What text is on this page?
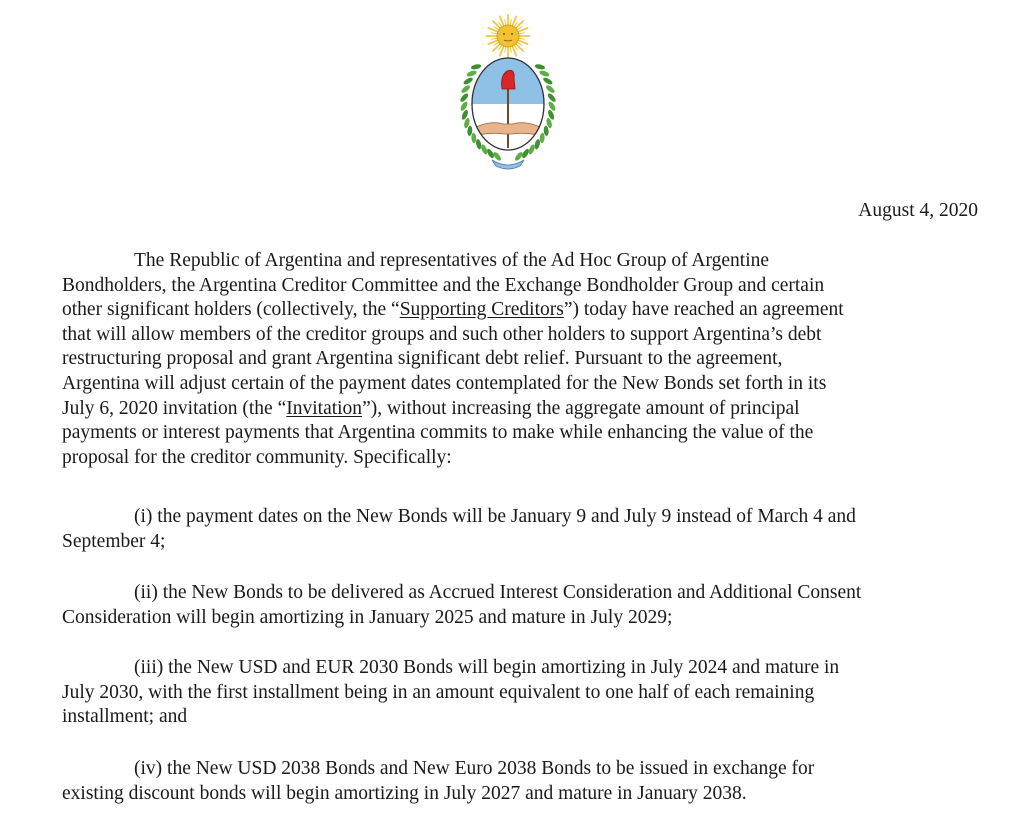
August 4, 2020
The Republic of Argentina and representatives of the Ad Hoc Group of Argentine
Bondholders, the Argentina Creditor Committee and the Exchange Bondholder Group and certain
other significant holders (collectively, the “Supporting Creditors”) today have reached an agreement
that will allow members of the creditor groups and such other holders to support Argentina’s debt
restructuring proposal and grant Argentina significant debt relief. Pursuant to the agreement,
Argentina will adjust certain of the payment dates contemplated for the New Bonds set forth in its
July 6, 2020 invitation (the “Invitation”), without increasing the aggregate amount of principal
payments or interest payments that Argentina commits to make while enhancing the value of the
proposal for the creditor community. Specifically:
(i) the payment dates on the New Bonds will be January 9 and July 9 instead of March 4 and
September 4;
(ii) the New Bonds to be delivered as Accrued Interest Consideration and Additional Consent
Consideration will begin amortizing in January 2025 and mature in July 2029;
(iii) the New USD and EUR 2030 Bonds will begin amortizing in July 2024 and mature in
July 2030, with the first installment being in an amount equivalent to one half of each remaining
installment; and
(iv) the New USD 2038 Bonds and New Euro 2038 Bonds to be issued in exchange for
existing discount bonds will begin amortizing in July 2027 and mature in January 2038.
